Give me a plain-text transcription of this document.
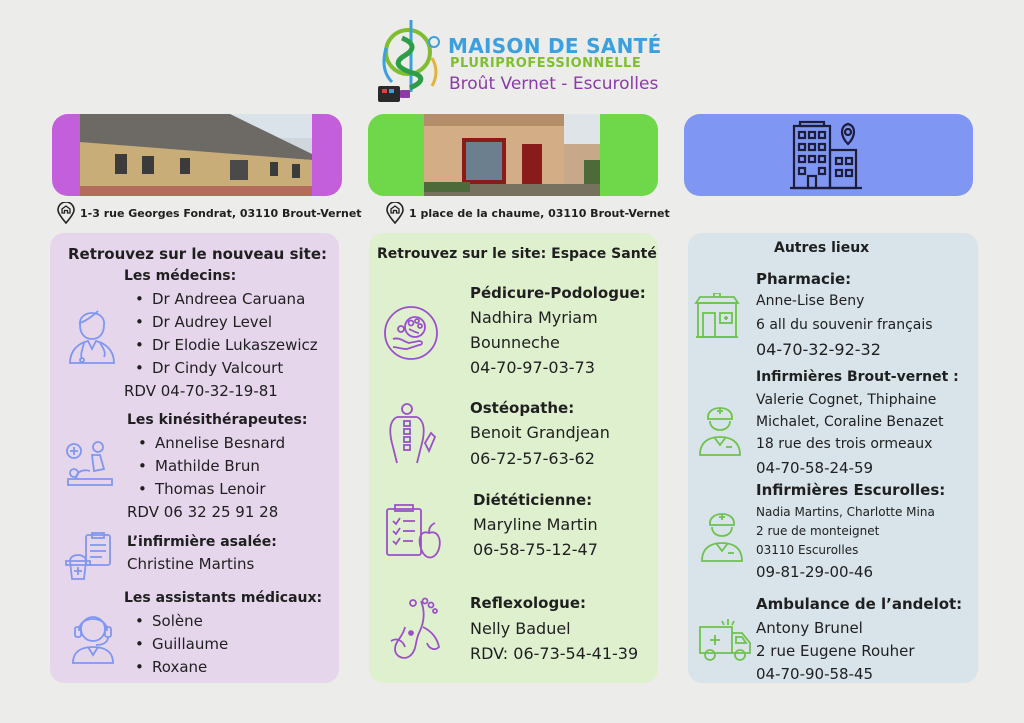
MAISON DE SANTÉ
PLURIPROFESSIONNELLE
Broût Vernet - Escurolles
1-3 rue Georges Fondrat, 03110 Brout-Vernet	1 place de la chaume, 03110 Brout-Vernet
Retrouvez sur le nouveau site:
Les médecins:
• Dr Andreea Caruana
• Dr Audrey Level
• Dr Elodie Lukaszewicz
• Dr Cindy Valcourt
RDV 04-70-32-19-81
Les kinésithérapeutes:
• Annelise Besnard
• Mathilde Brun
• Thomas Lenoir
RDV 06 32 25 91 28
L’infirmière asalée:
Christine Martins
Les assistants médicaux:
• Solène
• Guillaume
• Roxane
Retrouvez sur le site: Espace Santé
Pédicure-Podologue:
Nadhira Myriam
Bounneche
04-70-97-03-73
Ostéopathe:
Benoit Grandjean
06-72-57-63-62
Diététicienne:
Maryline Martin
06-58-75-12-47
Reflexologue:
Nelly Baduel
RDV: 06-73-54-41-39
Autres lieux
Pharmacie:
Anne-Lise Beny
6 all du souvenir français
04-70-32-92-32
Infirmières Brout-vernet :
Valerie Cognet, Thiphaine
Michalet, Coraline Benazet
18 rue des trois ormeaux
04-70-58-24-59
Infirmières Escurolles:
Nadia Martins, Charlotte Mina
2 rue de monteignet
03110 Escurolles
09-81-29-00-46
Ambulance de l’andelot:
Antony Brunel
2 rue Eugene Rouher
04-70-90-58-45
